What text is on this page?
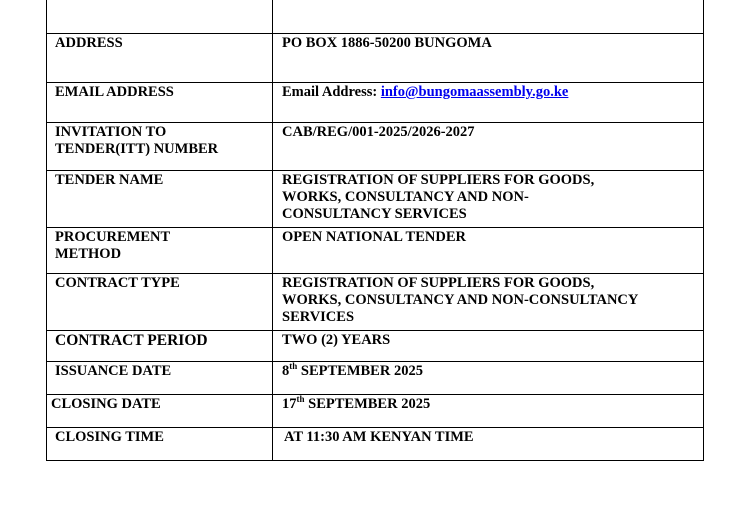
ADDRESS	PO BOX 1886-50200 BUNGOMA
EMAIL ADDRESS	Email Address: info@bungomaassembly.go.ke

INVITATION TO
TENDER(ITT) NUMBER	CAB/REG/001-2025/2026-2027
TENDER NAME	REGISTRATION OF SUPPLIERS FOR GOODS,
WORKS, CONSULTANCY AND NON-
CONSULTANCY SERVICES

PROCUREMENT
METHOD	OPEN NATIONAL TENDER
CONTRACT TYPE	REGISTRATION OF SUPPLIERS FOR GOODS,
WORKS, CONSULTANCY AND NON-CONSULTANCY
SERVICES

CONTRACT PERIOD	TWO (2) YEARS
ISSUANCE DATE	8th SEPTEMBER 2025

CLOSING DATE	17th SEPTEMBER 2025
CLOSING TIME	AT 11:30 AM KENYAN TIME
